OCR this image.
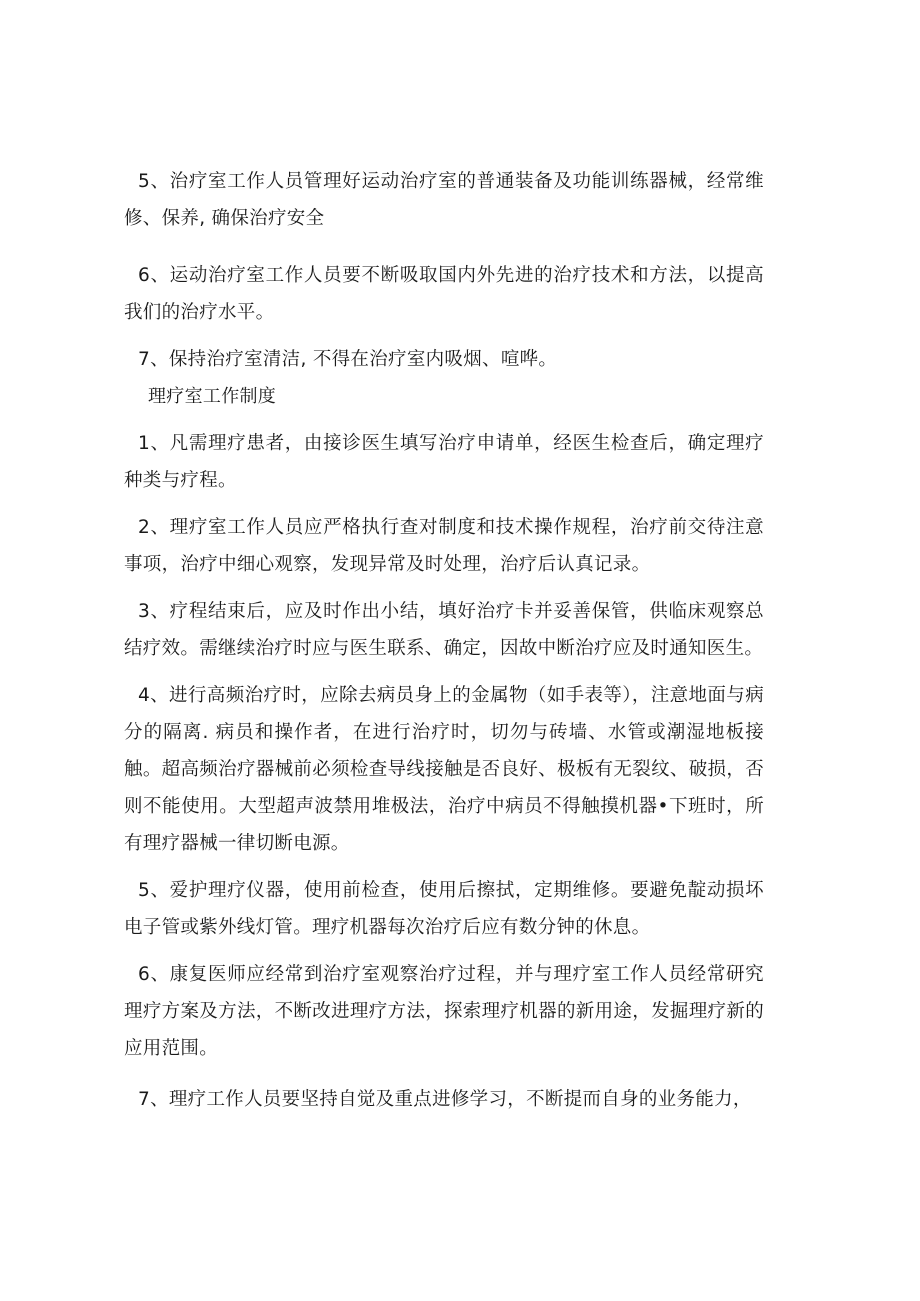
5、治疗室工作人员管理好运动治疗室的普通装备及功能训练器械，经常维修、保养, 确保治疗安全

6、运动治疗室工作人员要不断吸取国内外先进的治疗技术和方法，以提高我们的治疗水平。

7、保持治疗室清洁, 不得在治疗室内吸烟、喧哗。

理疗室工作制度

1、凡需理疗患者，由接诊医生填写治疗申请单，经医生检查后，确定理疗种类与疗程。

2、理疗室工作人员应严格执行查对制度和技术操作规程，治疗前交待注意事项，治疗中细心观察，发现异常及时处理，治疗后认真记录。

3、疗程结束后，应及时作出小结，填好治疗卡并妥善保管，供临床观察总结疗效。需继续治疗时应与医生联系、确定，因故中断治疗应及时通知医生。

4、进行高频治疗时，应除去病员身上的金属物（如手表等），注意地面与病分的隔离. 病员和操作者，在进行治疗时，切勿与砖墙、水管或潮湿地板接触。超高频治疗器械前必须检查导线接触是否良好、极板有无裂纹、破损，否则不能使用。大型超声波禁用堆极法，治疗中病员不得触摸机器•下班时，所有理疗器械一律切断电源。

5、爱护理疗仪器，使用前检查，使用后擦拭，定期维修。要避免靛动损坏电子管或紫外线灯管。理疗机器每次治疗后应有数分钟的休息。

6、康复医师应经常到治疗室观察治疗过程，并与理疗室工作人员经常研究理疗方案及方法，不断改进理疗方法，探索理疗机器的新用途，发掘理疗新的应用范围。

7、理疗工作人员要坚持自觉及重点进修学习，不断提而自身的业务能力，
